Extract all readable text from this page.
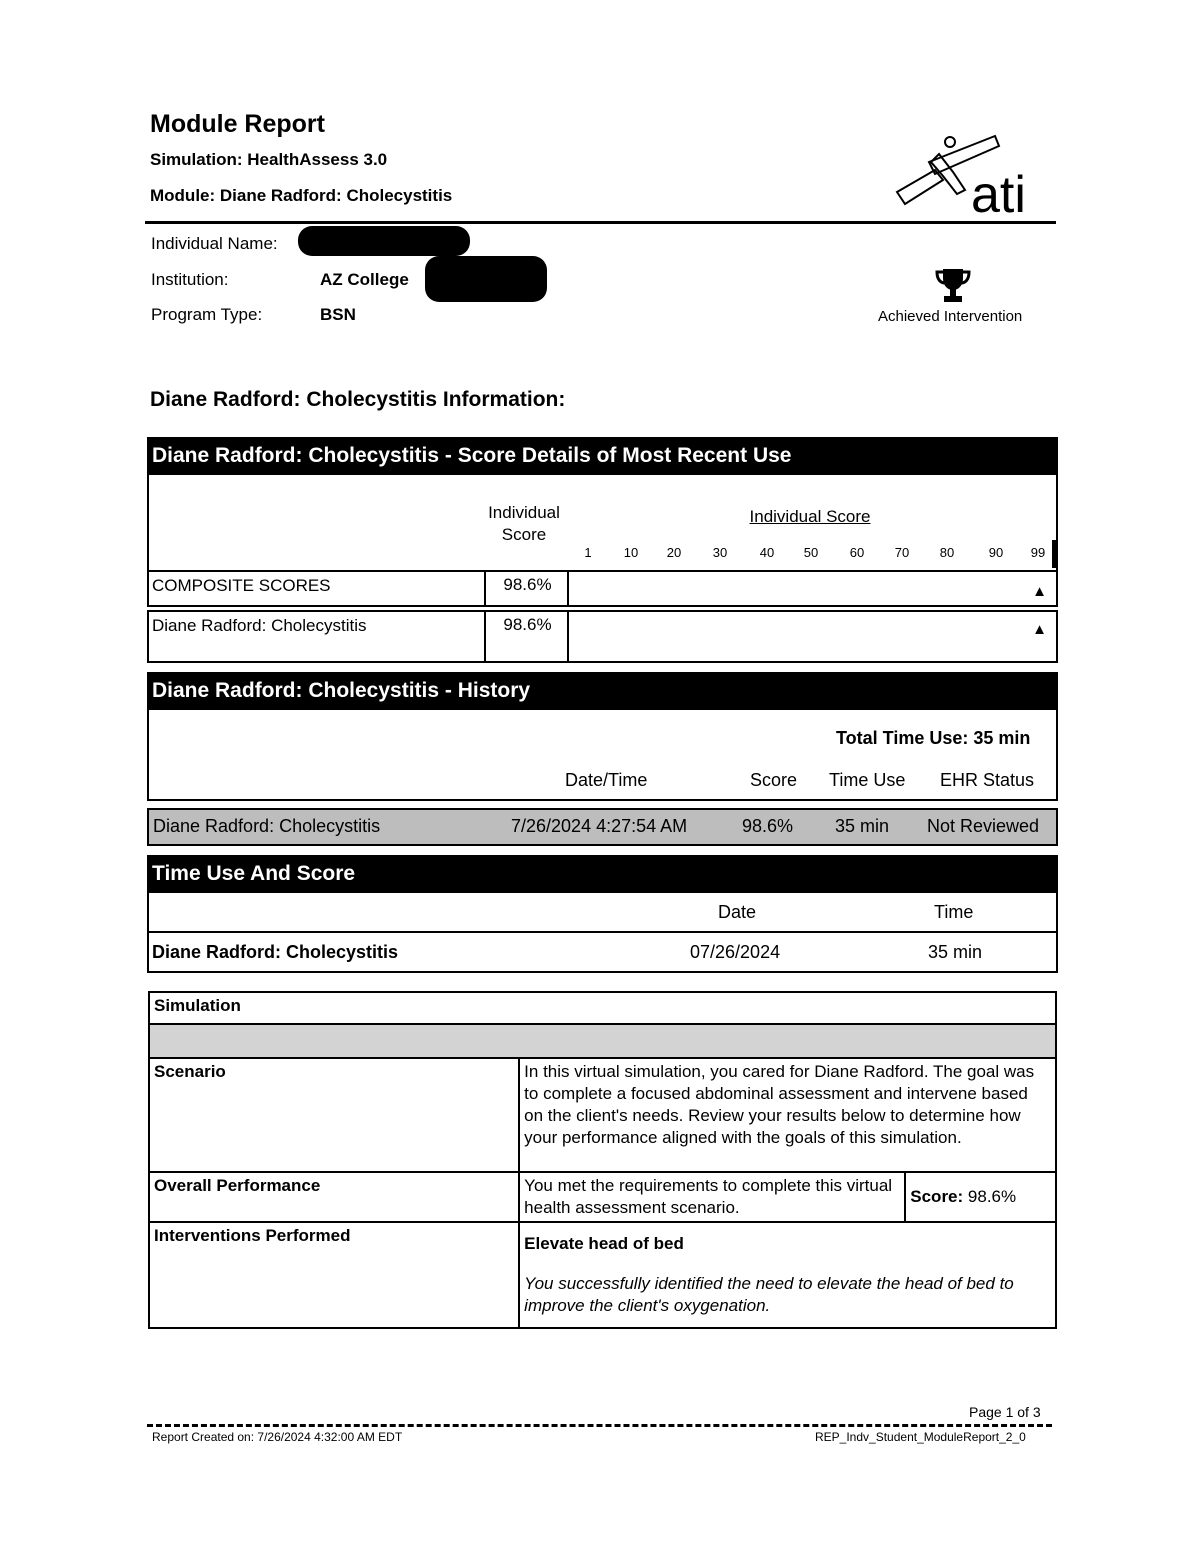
Module Report
Simulation: HealthAssess 3.0
Module: Diane Radford: Cholecystitis	ati
Individual Name:
Institution:	AZ College
Program Type:	BSN	Achieved Intervention
Diane Radford: Cholecystitis Information:
Diane Radford: Cholecystitis - Score Details of Most Recent Use
Individual Score
Individual Score
1	10	20	30	40	50	60	70	80	90	99
COMPOSITE SCORES	98.6%	▲
Diane Radford: Cholecystitis	98.6%	▲
Diane Radford: Cholecystitis - History
Total Time Use: 35 min
Date/Time	Score Time Use EHR Status
Diane Radford: Cholecystitis	7/26/2024 4:27:54 AM	98.6% 35 min Not Reviewed
Time Use And Score
Date	Time
Diane Radford: Cholecystitis	07/26/2024	35 min
Simulation		

Scenario	In this virtual simulation, you cared for Diane Radford. The goal was to complete a focused abdominal assessment and intervene based on the client's needs. Review your results below to determine how your performance aligned with the goals of this simulation.	
Overall Performance	You met the requirements to complete this virtual health assessment scenario.	Score: 98.6%
Interventions Performed	Elevate head of bed
You successfully identified the need to elevate the head of bed to improve the client's oxygenation.	
Page 1 of 3
Report Created on: 7/26/2024 4:32:00 AM EDT	REP_Indv_Student_ModuleReport_2_0
